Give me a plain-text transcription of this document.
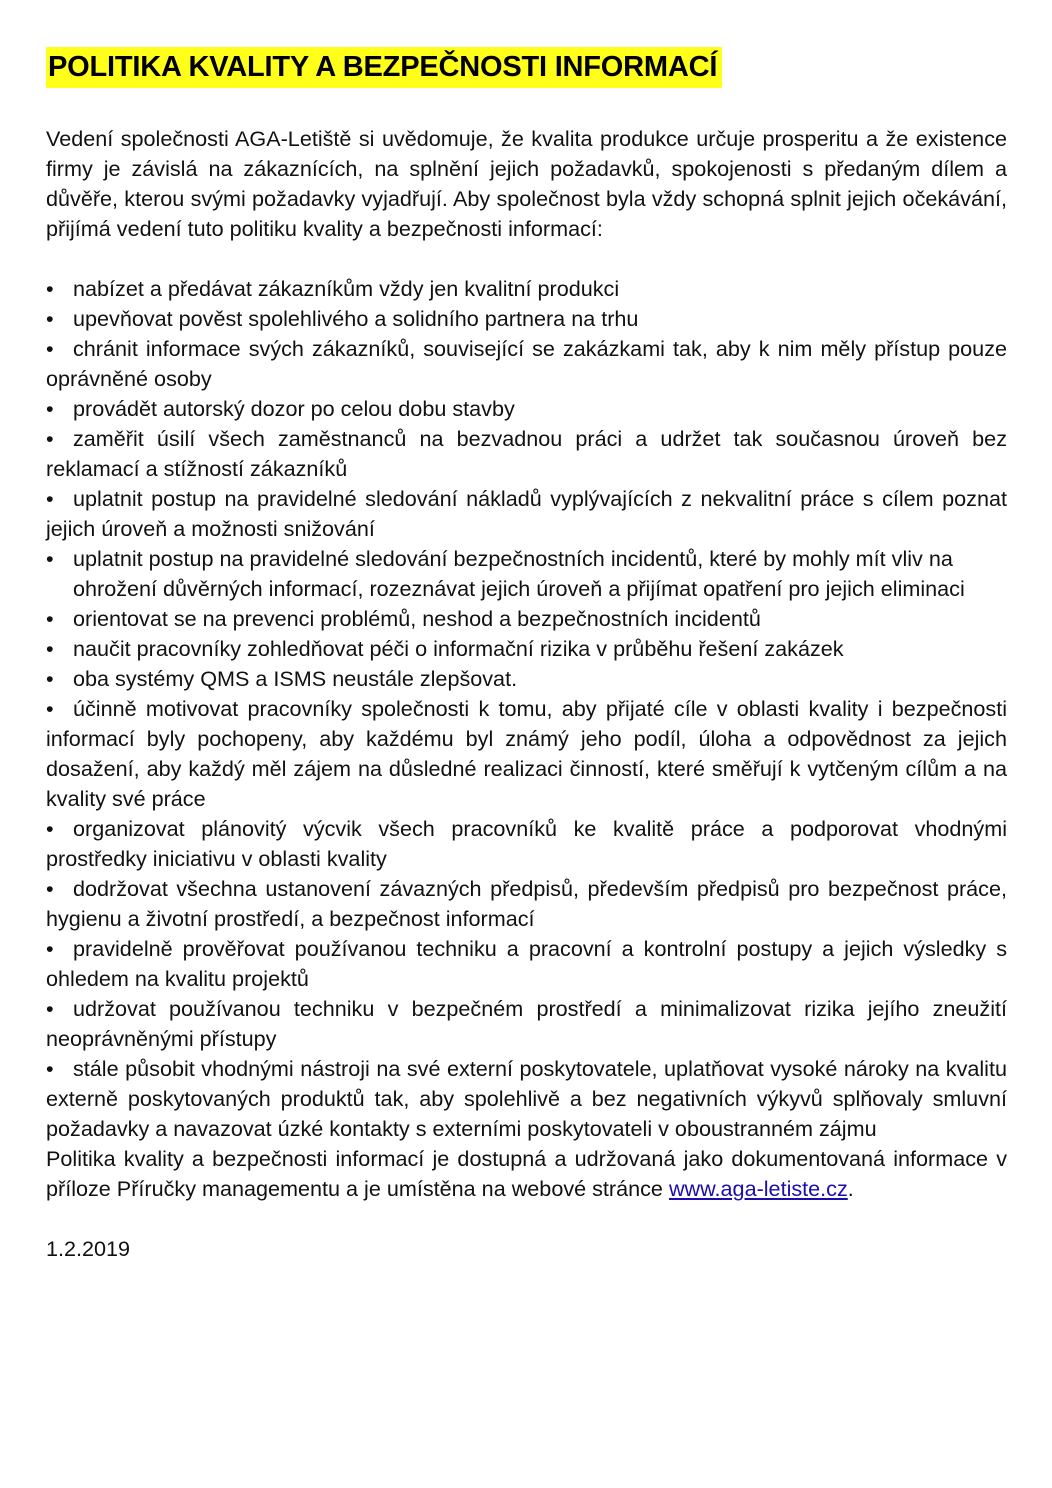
POLITIKA KVALITY A BEZPEČNOSTI INFORMACÍ

Vedení společnosti AGA-Letiště si uvědomuje, že kvalita produkce určuje prosperitu a že existence firmy je závislá na zákaznících, na splnění jejich požadavků, spokojenosti s předaným dílem a důvěře, kterou svými požadavky vyjadřují. Aby společnost byla vždy schopná splnit jejich očekávání, přijímá vedení tuto politiku kvality a bezpečnosti informací:

• nabízet a předávat zákazníkům vždy jen kvalitní produkci
• upevňovat pověst spolehlivého a solidního partnera na trhu
• chránit informace svých zákazníků, související se zakázkami tak, aby k nim měly přístup pouze oprávněné osoby
• provádět autorský dozor po celou dobu stavby
• zaměřit úsilí všech zaměstnanců na bezvadnou práci a udržet tak současnou úroveň bez reklamací a stížností zákazníků
• uplatnit postup na pravidelné sledování nákladů vyplývajících z nekvalitní práce s cílem poznat jejich úroveň a možnosti snižování
• uplatnit postup na pravidelné sledování bezpečnostních incidentů, které by mohly mít vliv na ohrožení důvěrných informací, rozeznávat jejich úroveň a přijímat opatření pro jejich eliminaci
• orientovat se na prevenci problémů, neshod a bezpečnostních incidentů
• naučit pracovníky zohledňovat péči o informační rizika v průběhu řešení zakázek
• oba systémy QMS a ISMS neustále zlepšovat.
• účinně motivovat pracovníky společnosti k tomu, aby přijaté cíle v oblasti kvality i bezpečnosti informací byly pochopeny, aby každému byl známý jeho podíl, úloha a odpovědnost za jejich dosažení, aby každý měl zájem na důsledné realizaci činností, které směřují k vytčeným cílům a na kvality své práce
• organizovat plánovitý výcvik všech pracovníků ke kvalitě práce a podporovat vhodnými prostředky iniciativu v oblasti kvality
• dodržovat všechna ustanovení závazných předpisů, především předpisů pro bezpečnost práce, hygienu a životní prostředí, a bezpečnost informací
• pravidelně prověřovat používanou techniku a pracovní a kontrolní postupy a jejich výsledky s ohledem na kvalitu projektů
• udržovat používanou techniku v bezpečném prostředí a minimalizovat rizika jejího zneužití neoprávněnými přístupy
• stále působit vhodnými nástroji na své externí poskytovatele, uplatňovat vysoké nároky na kvalitu externě poskytovaných produktů tak, aby spolehlivě a bez negativních výkyvů splňovaly smluvní požadavky a navazovat úzké kontakty s externími poskytovateli v oboustranném zájmu

Politika kvality a bezpečnosti informací je dostupná a udržovaná jako dokumentovaná informace v příloze Příručky managementu a je umístěna na webové stránce www.aga-letiste.cz.

1.2.2019
